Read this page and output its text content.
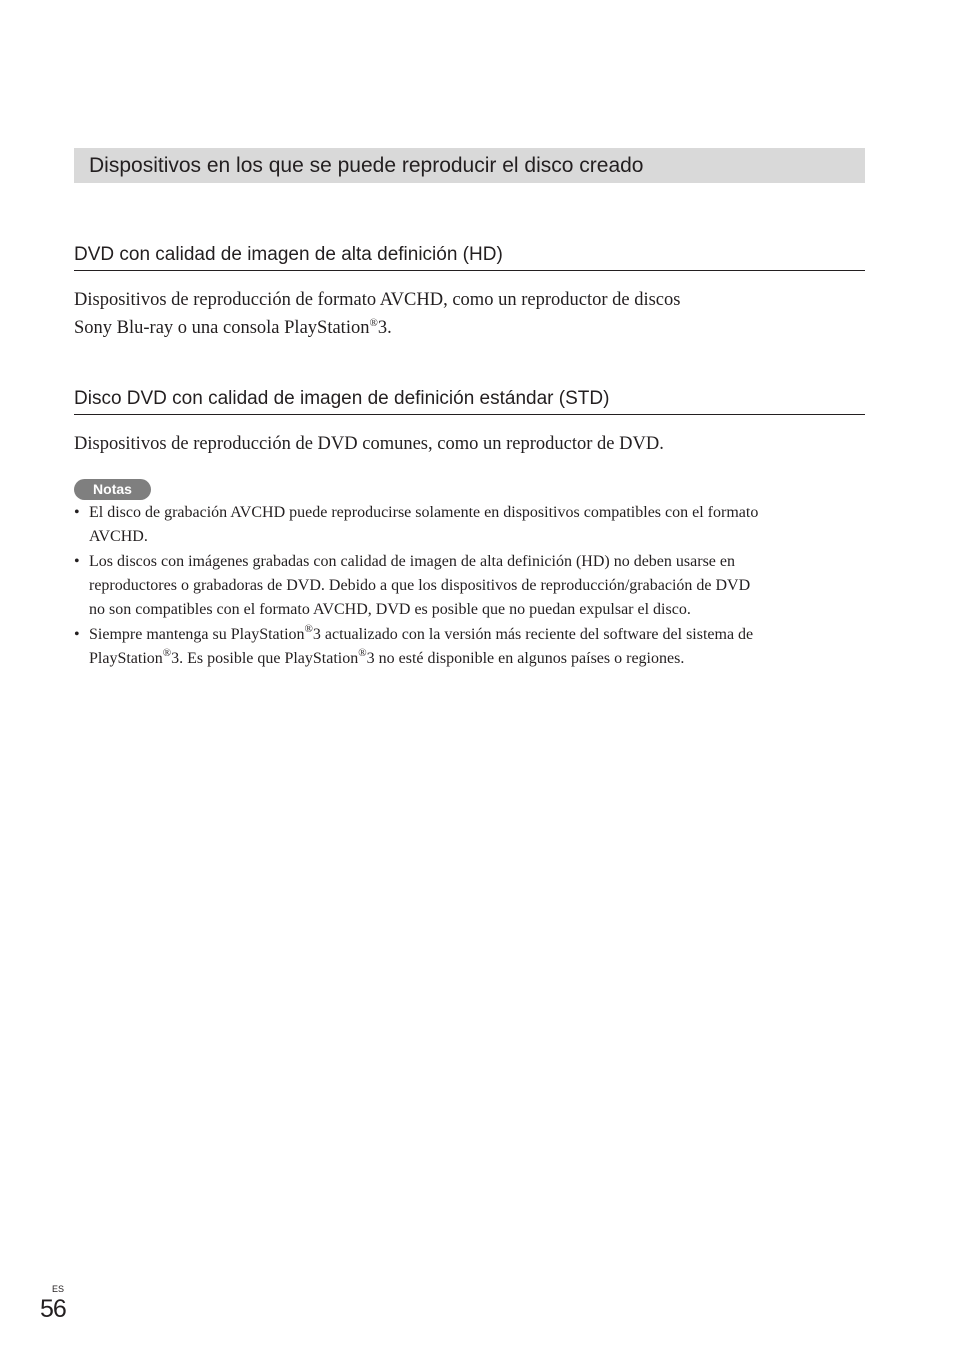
Dispositivos en los que se puede reproducir el disco creado
DVD con calidad de imagen de alta definición (HD)

Dispositivos de reproducción de formato AVCHD, como un reproductor de discos
Sony Blu-ray o una consola PlayStation®3.

Disco DVD con calidad de imagen de definición estándar (STD)

Dispositivos de reproducción de DVD comunes, como un reproductor de DVD.

Notas
• El disco de grabación AVCHD puede reproducirse solamente en dispositivos compatibles con el formato
AVCHD.
• Los discos con imágenes grabadas con calidad de imagen de alta definición (HD) no deben usarse en
reproductores o grabadoras de DVD. Debido a que los dispositivos de reproducción/grabación de DVD
no son compatibles con el formato AVCHD, DVD es posible que no puedan expulsar el disco.
• Siempre mantenga su PlayStation®3 actualizado con la versión más reciente del software del sistema de
PlayStation®3. Es posible que PlayStation®3 no esté disponible en algunos países o regiones.
ES
56
